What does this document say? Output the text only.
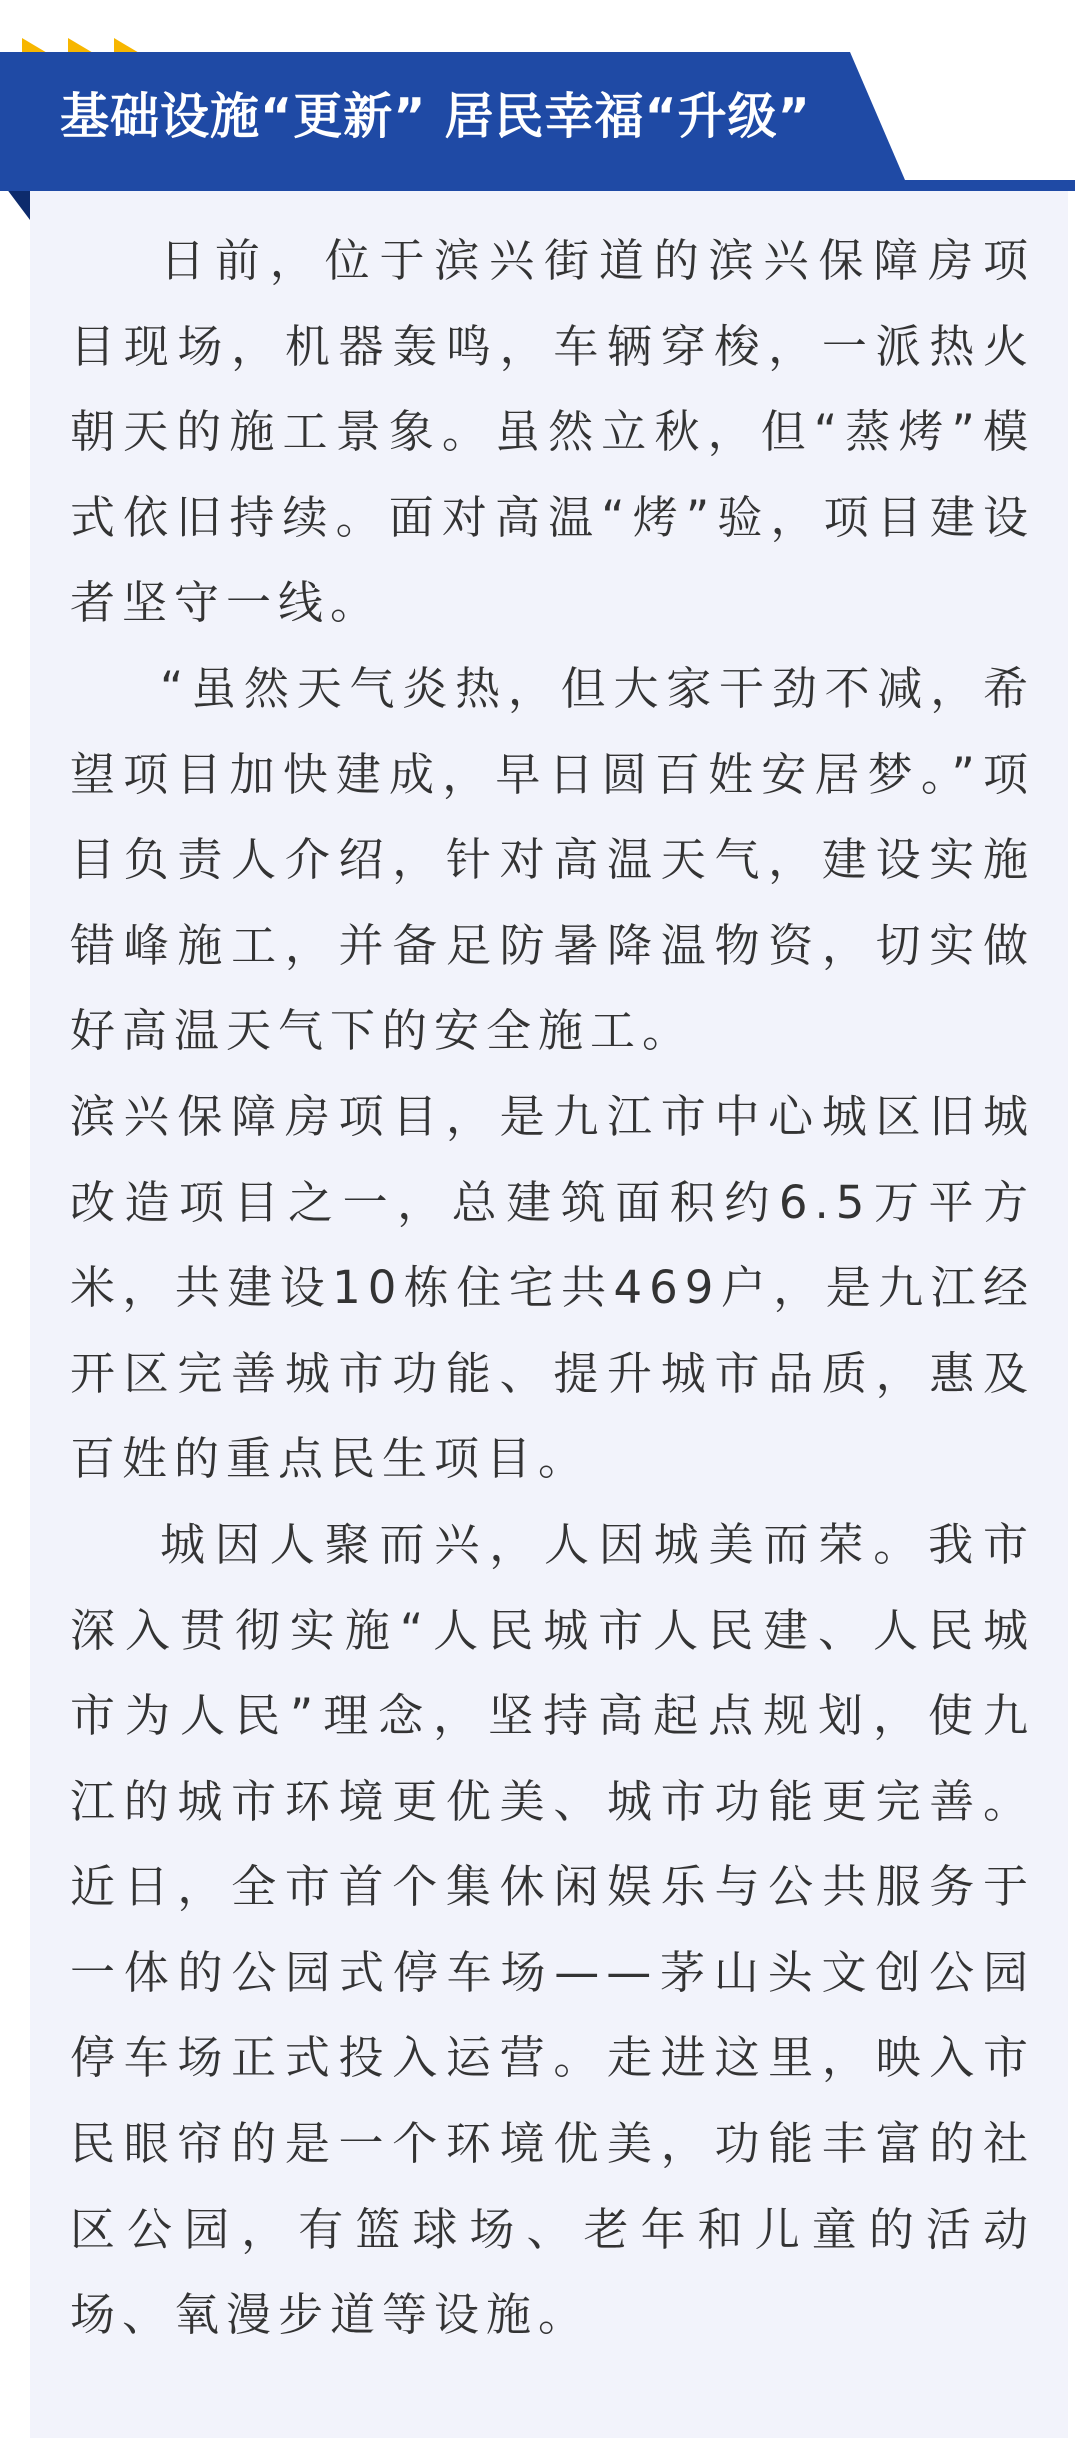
基础设施“更新” 居民幸福“升级”

日前，位于滨兴街道的滨兴保障房项目现场，机器轰鸣，车辆穿梭，一派热火朝天的施工景象。虽然立秋，但“蒸烤”模式依旧持续。面对高温“烤”验，项目建设者坚守一线。

“虽然天气炎热，但大家干劲不减，希望项目加快建成，早日圆百姓安居梦。”项目负责人介绍，针对高温天气，建设实施错峰施工，并备足防暑降温物资，切实做好高温天气下的安全施工。

滨兴保障房项目，是九江市中心城区旧城改造项目之一，总建筑面积约6.5万平方米，共建设10栋住宅共469户，是九江经开区完善城市功能、提升城市品质，惠及百姓的重点民生项目。

城因人聚而兴，人因城美而荣。我市深入贯彻实施“人民城市人民建、人民城市为人民”理念，坚持高起点规划，使九江的城市环境更优美、城市功能更完善。近日，全市首个集休闲娱乐与公共服务于一体的公园式停车场——茅山头文创公园停车场正式投入运营。走进这里，映入市民眼帘的是一个环境优美，功能丰富的社区公园，有篮球场、老年和儿童的活动场、氧漫步道等设施。
